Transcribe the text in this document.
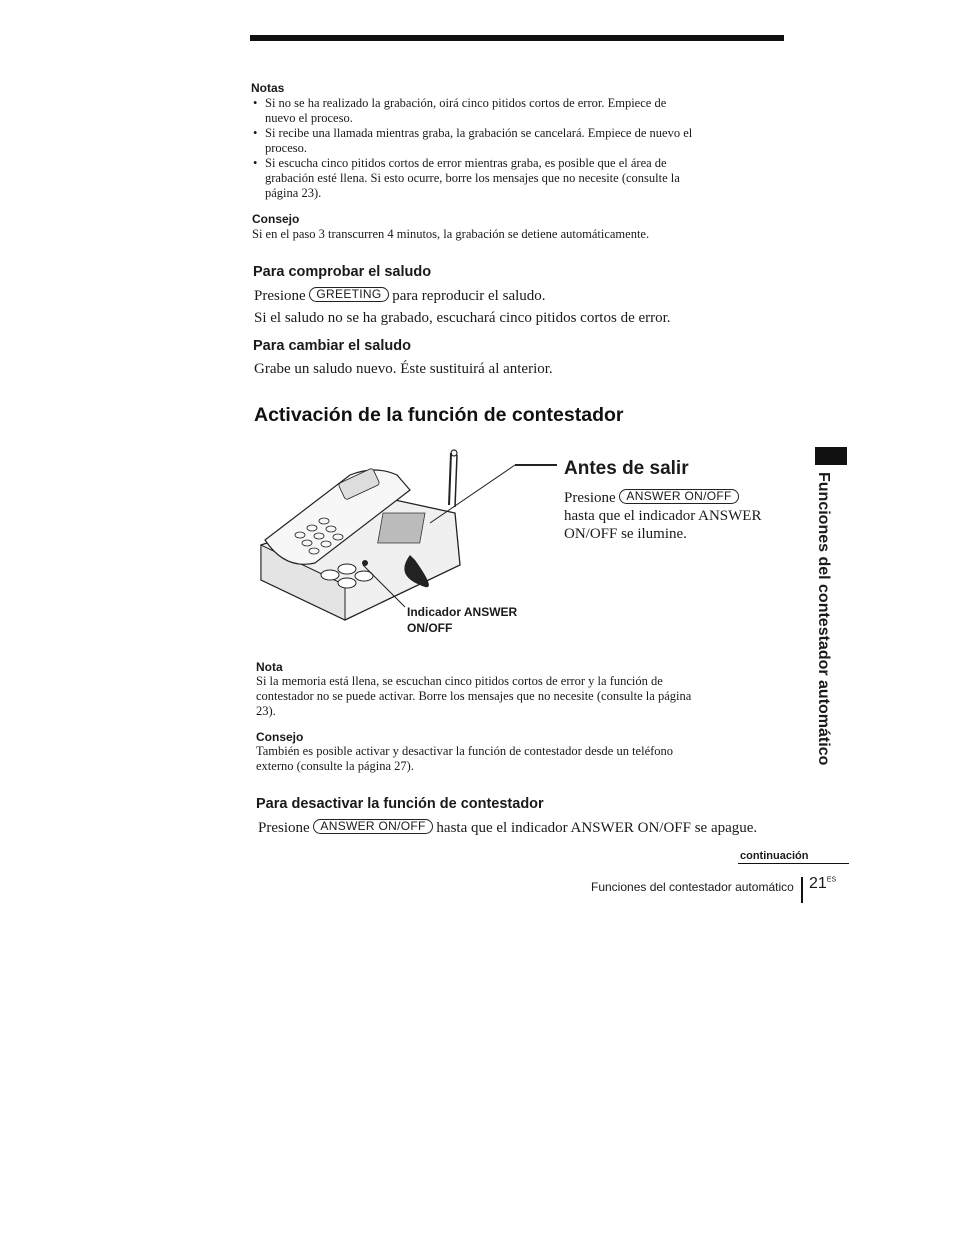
Notas
• Si no se ha realizado la grabación, oirá cinco pitidos cortos de error. Empiece de nuevo el proceso.
• Si recibe una llamada mientras graba, la grabación se cancelará. Empiece de nuevo el proceso.
• Si escucha cinco pitidos cortos de error mientras graba, es posible que el área de grabación esté llena. Si esto ocurre, borre los mensajes que no necesite (consulte la página 23).
Consejo
Si en el paso 3 transcurren 4 minutos, la grabación se detiene automáticamente.
Para comprobar el saludo
Presione GREETING para reproducir el saludo.
Si el saludo no se ha grabado, escuchará cinco pitidos cortos de error.
Para cambiar el saludo
Grabe un saludo nuevo. Éste sustituirá al anterior.
Activación de la función de contestador
Antes de salir
Presione ANSWER ON/OFF
hasta que el indicador ANSWER
ON/OFF se ilumine.
Indicador ANSWER
ON/OFF
Nota
Si la memoria está llena, se escuchan cinco pitidos cortos de error y la función de contestador no se puede activar. Borre los mensajes que no necesite (consulte la página 23).
Consejo
También es posible activar y desactivar la función de contestador desde un teléfono externo (consulte la página 27).
Para desactivar la función de contestador
Presione ANSWER ON/OFF hasta que el indicador ANSWER ON/OFF se apague.
Funciones del contestador automático
continuación
Funciones del contestador automático $21^{ES}$
